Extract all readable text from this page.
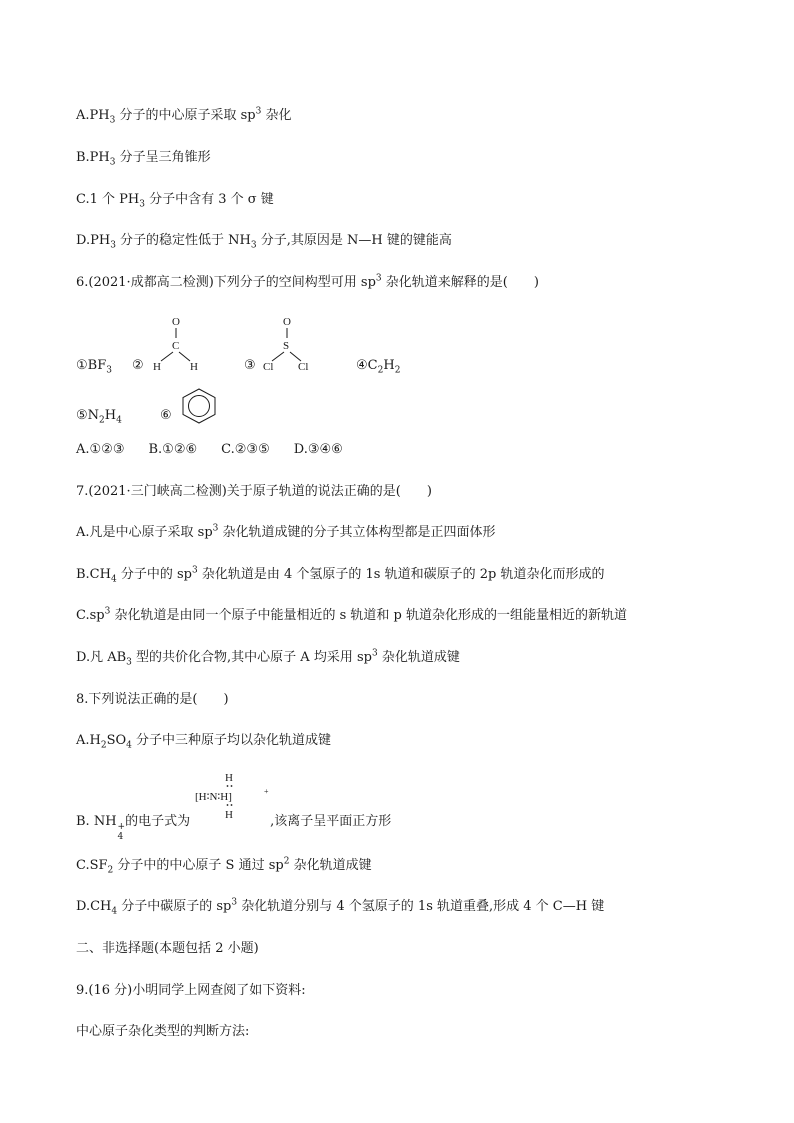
$A.PH_3$ 分子的中心原子采取 $sp^3$ 杂化
$B.PH_3$ 分子呈三角锥形
C.1 个 $PH_3$ 分子中含有 3 个 σ 键
$D.PH_3$ 分子的稳定性低于 $NH_3$ 分子,其原因是 N—H 键的键能高
6.(2021·成都高二检测)下列分子的空间构型可用 $sp^3$ 杂化轨道来解释的是(　　)
$①BF_3$ ②
O
C
H	H	③
O
S
Cl Cl	$④C_2H_2$
$⑤N_2H_4$	⑥
A.①②③ B.①②⑥ C.②③⑤ D.③④⑥
7.(2021·三门峡高二检测)关于原子轨道的说法正确的是(　　)
A.凡是中心原子采取 $sp^3$ 杂化轨道成键的分子其立体构型都是正四面体形
$B.CH_4$ 分子中的 $sp^3$ 杂化轨道是由 4 个氢原子的 1s 轨道和碳原子的 2p 轨道杂化而形成的
$C.sp^3$ 杂化轨道是由同一个原子中能量相近的 s 轨道和 p 轨道杂化形成的一组能量相近的新轨道
D.凡 $AB_3$ 型的共价化合物,其中心原子 A 均采用 $sp^3$ 杂化轨道成键
8.下列说法正确的是(　　)
$A.H_2SO_4$ 分子中三种原子均以杂化轨道成键
B. NH +
4
的电子式为	,该离子呈平面正方形
H
[H∶N∶H]	+
H
$C.SF_2$ 分子中的中心原子 S 通过 $sp^2$ 杂化轨道成键
$D.CH_4$ 分子中碳原子的 $sp^3$ 杂化轨道分别与 4 个氢原子的 1s 轨道重叠,形成 4 个 C—H 键
二、非选择题(本题包括 2 小题)
9.(16 分)小明同学上网查阅了如下资料:
中心原子杂化类型的判断方法:
